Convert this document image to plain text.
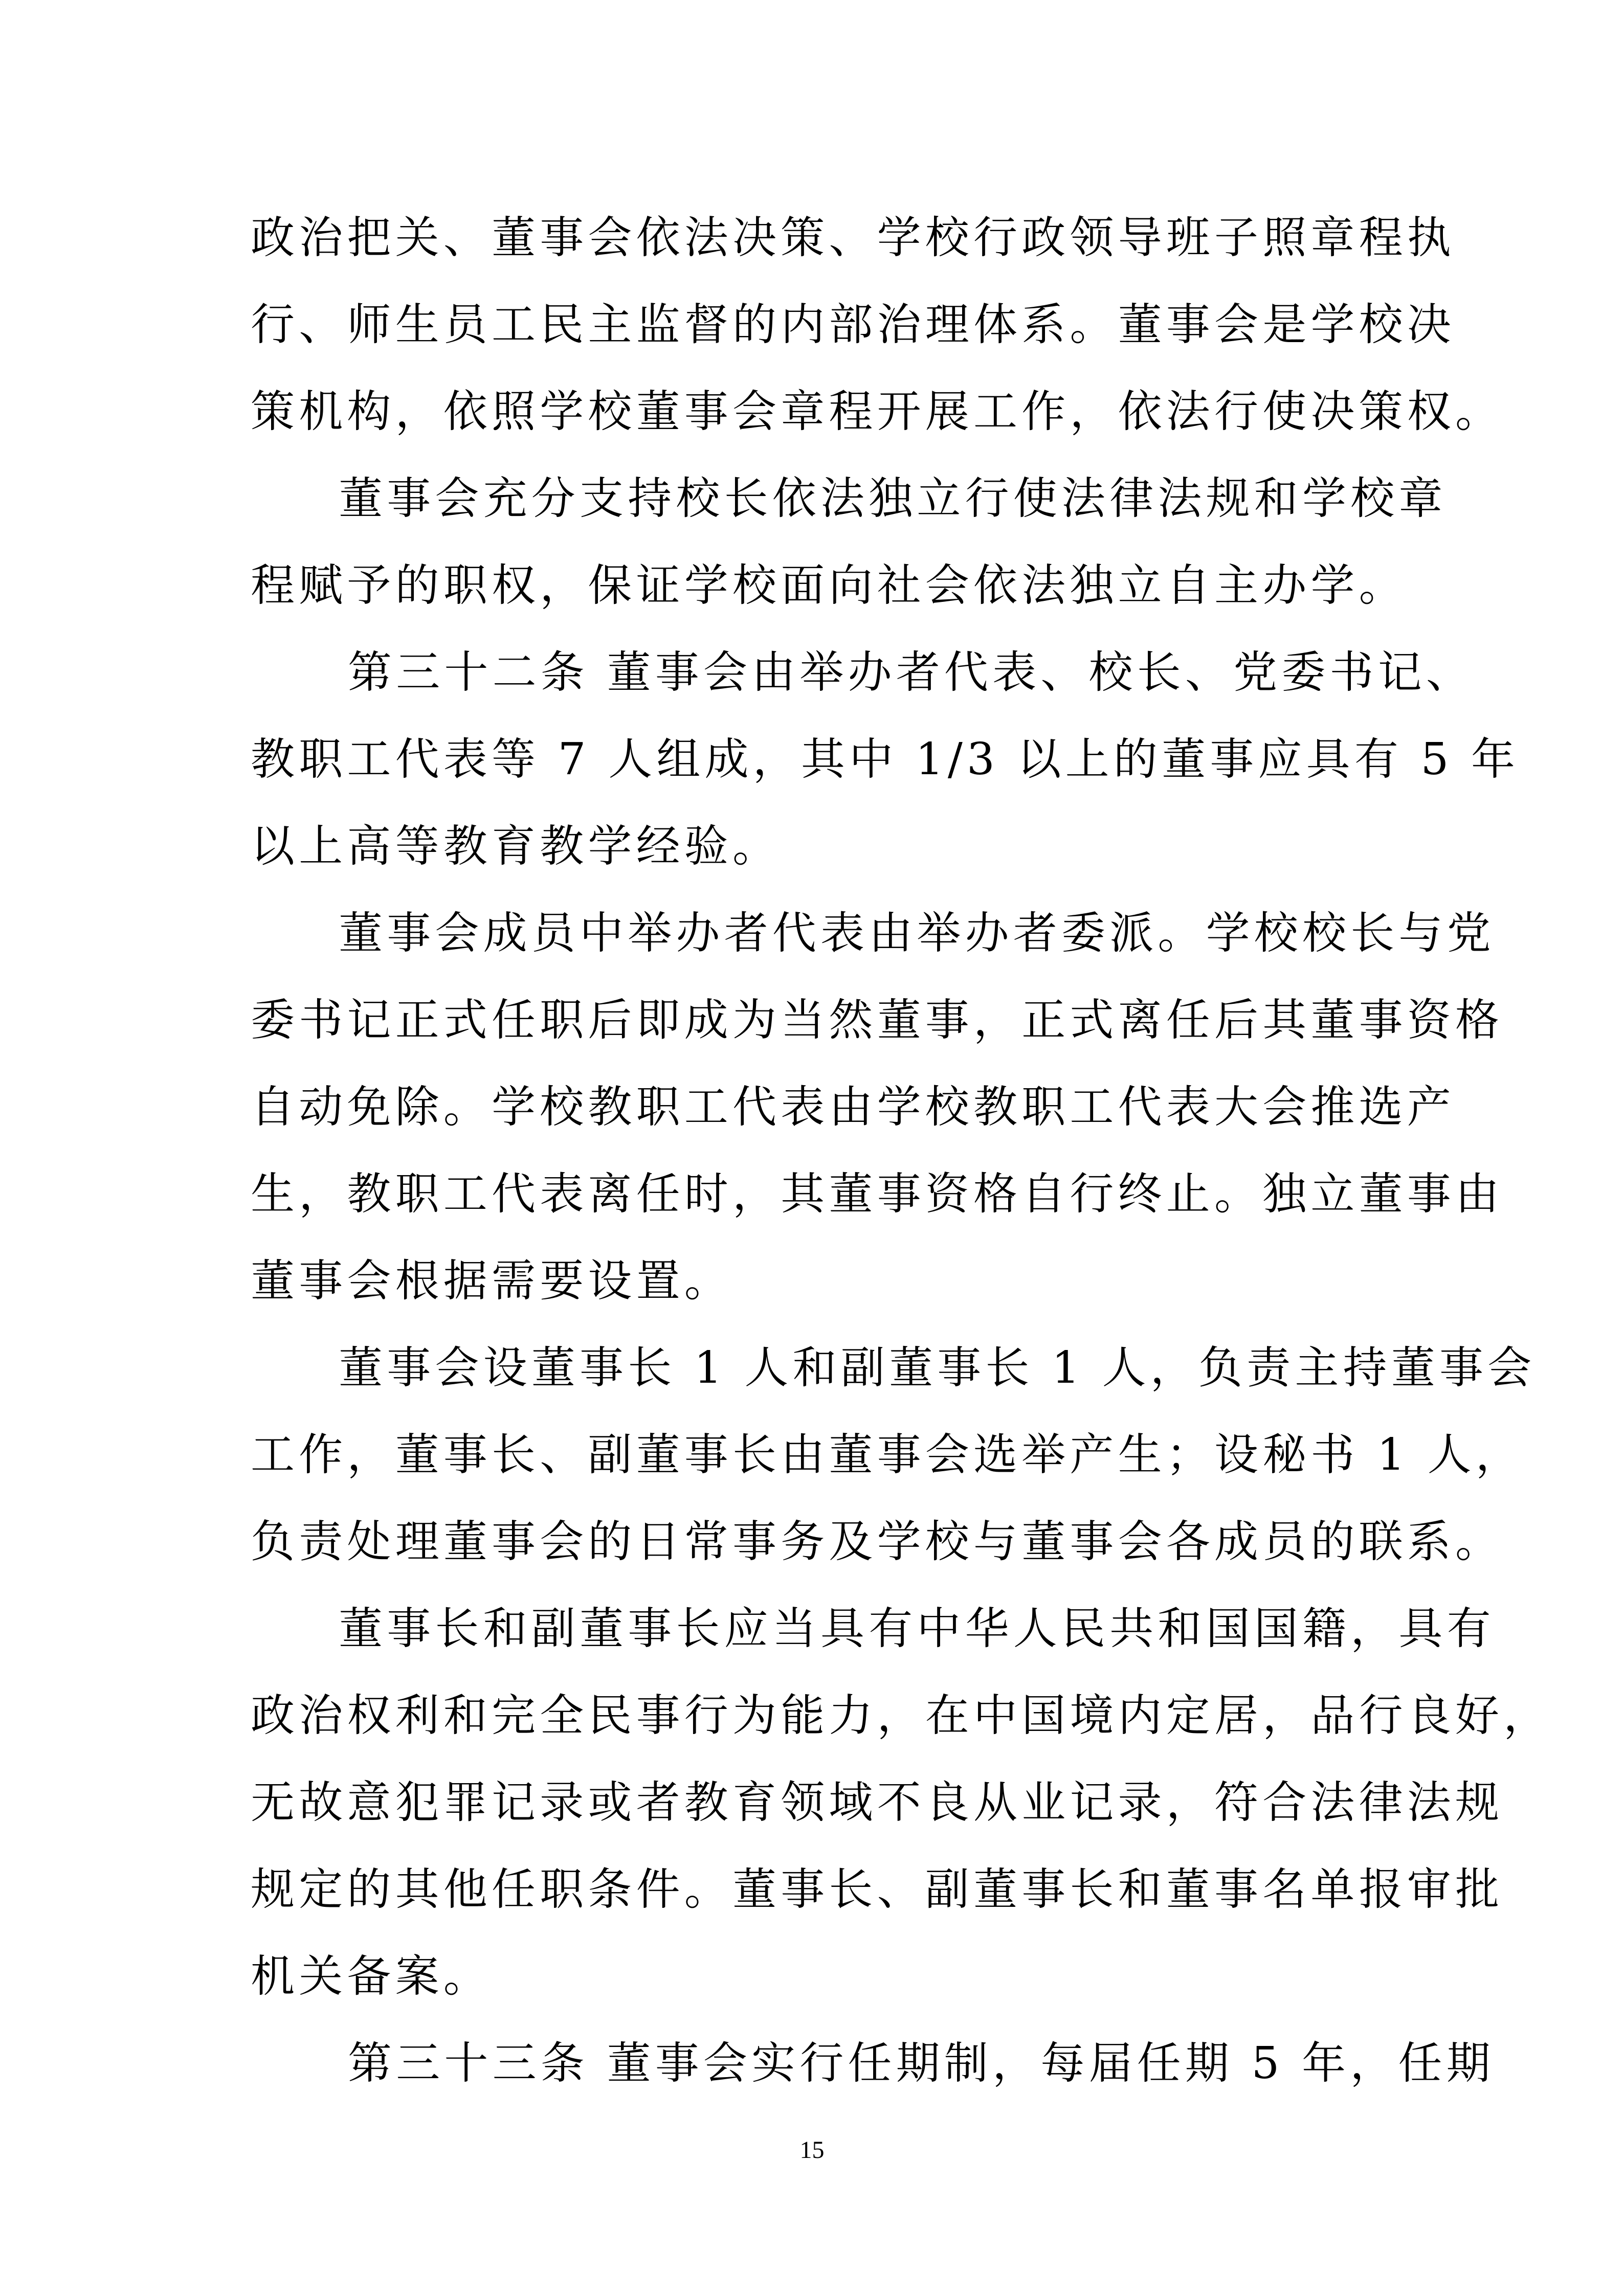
政治把关、董事会依法决策、学校行政领导班子照章程执
行、师生员工民主监督的内部治理体系。董事会是学校决
策机构，依照学校董事会章程开展工作，依法行使决策权。
董事会充分支持校长依法独立行使法律法规和学校章
程赋予的职权，保证学校面向社会依法独立自主办学。
第三十二条 董事会由举办者代表、校长、党委书记、
教职工代表等 7 人组成，其中 1/3 以上的董事应具有 5 年
以上高等教育教学经验。
董事会成员中举办者代表由举办者委派。学校校长与党
委书记正式任职后即成为当然董事，正式离任后其董事资格
自动免除。学校教职工代表由学校教职工代表大会推选产
生，教职工代表离任时，其董事资格自行终止。独立董事由
董事会根据需要设置。
董事会设董事长 1 人和副董事长 1 人，负责主持董事会
工作，董事长、副董事长由董事会选举产生；设秘书 1 人，
负责处理董事会的日常事务及学校与董事会各成员的联系。
董事长和副董事长应当具有中华人民共和国国籍，具有
政治权利和完全民事行为能力，在中国境内定居，品行良好，
无故意犯罪记录或者教育领域不良从业记录，符合法律法规
规定的其他任职条件。董事长、副董事长和董事名单报审批
机关备案。
第三十三条 董事会实行任期制，每届任期 5 年，任期
15
